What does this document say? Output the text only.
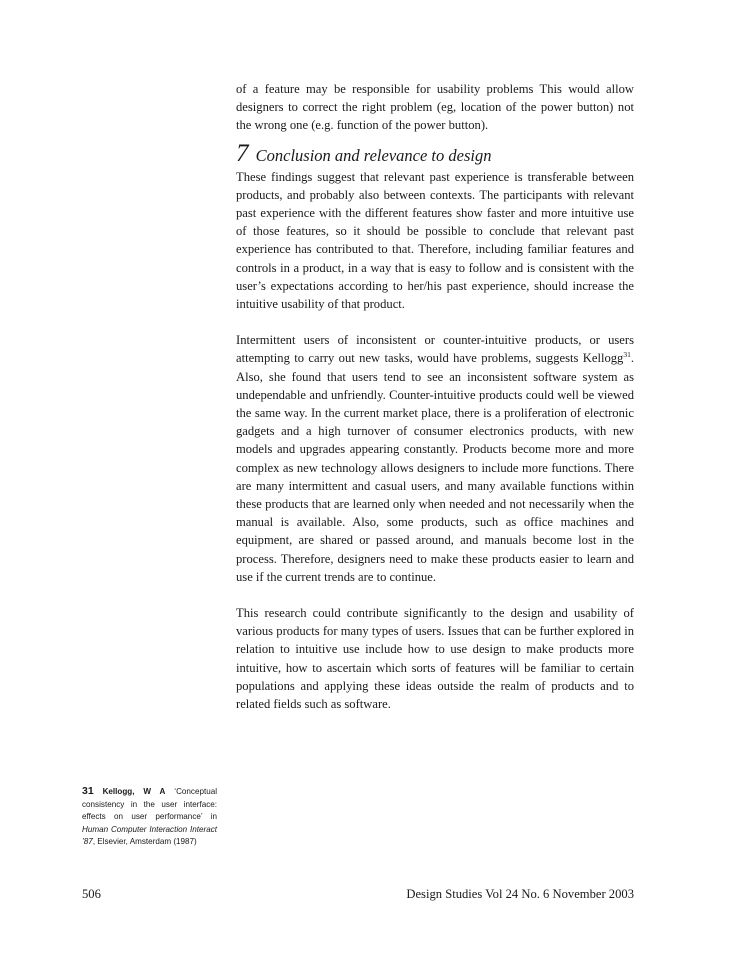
of a feature may be responsible for usability problems This would allow designers to correct the right problem (eg, location of the power button) not the wrong one (e.g. function of the power button).

7 Conclusion and relevance to design

These findings suggest that relevant past experience is transferable between products, and probably also between contexts. The participants with relevant past experience with the different features show faster and more intuitive use of those features, so it should be possible to conclude that relevant past experience has contributed to that. Therefore, including familiar features and controls in a product, in a way that is easy to follow and is consistent with the user’s expectations according to her/his past experience, should increase the intuitive usability of that product.

Intermittent users of inconsistent or counter-intuitive products, or users attempting to carry out new tasks, would have problems, suggests Kellogg$^{31}$. Also, she found that users tend to see an inconsistent software system as undependable and unfriendly. Counter-intuitive products could well be viewed the same way. In the current market place, there is a proliferation of electronic gadgets and a high turnover of consumer electronics products, with new models and upgrades appearing constantly. Products become more and more complex as new technology allows designers to include more functions. There are many intermittent and casual users, and many available functions within these products that are learned only when needed and not necessarily when the manual is available. Also, some products, such as office machines and equipment, are shared or passed around, and manuals become lost in the process. Therefore, designers need to make these products easier to learn and use if the current trends are to continue.

This research could contribute significantly to the design and usability of various products for many types of users. Issues that can be further explored in relation to intuitive use include how to use design to make products more intuitive, how to ascertain which sorts of features will be familiar to certain populations and applying these ideas outside the realm of products and to related fields such as software.

31 Kellogg, W A ‘Conceptual consistency in the user interface: effects on user performance’ in Human Computer Interaction Interact ’87, Elsevier, Amsterdam (1987)
506	Design Studies Vol 24 No. 6 November 2003
